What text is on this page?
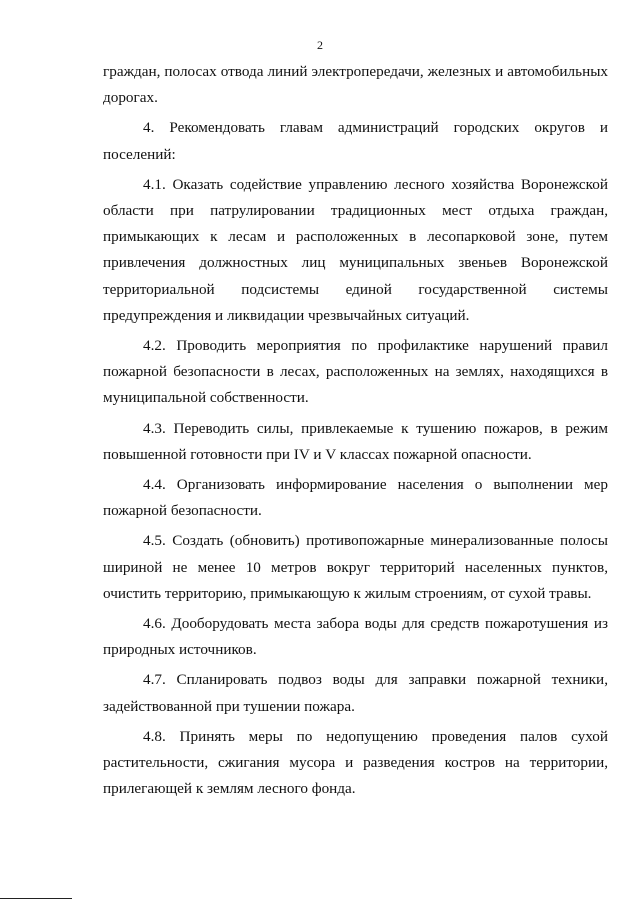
2

граждан, полосах отвода линий электропередачи, железных и автомобильных дорогах.

4. Рекомендовать главам администраций городских округов и поселений:

4.1. Оказать содействие управлению лесного хозяйства Воронежской области при патрулировании традиционных мест отдыха граждан, примыкающих к лесам и расположенных в лесопарковой зоне, путем привлечения должностных лиц муниципальных звеньев Воронежской территориальной подсистемы единой государственной системы предупреждения и ликвидации чрезвычайных ситуаций.

4.2. Проводить мероприятия по профилактике нарушений правил пожарной безопасности в лесах, расположенных на землях, находящихся в муниципальной собственности.

4.3. Переводить силы, привлекаемые к тушению пожаров, в режим повышенной готовности при IV и V классах пожарной опасности.

4.4. Организовать информирование населения о выполнении мер пожарной безопасности.

4.5. Создать (обновить) противопожарные минерализованные полосы шириной не менее 10 метров вокруг территорий населенных пунктов, очистить территорию, примыкающую к жилым строениям, от сухой травы.

4.6. Дооборудовать места забора воды для средств пожаротушения из природных источников.

4.7. Спланировать подвоз воды для заправки пожарной техники, задействованной при тушении пожара.

4.8. Принять меры по недопущению проведения палов сухой растительности, сжигания мусора и разведения костров на территории, прилегающей к землям лесного фонда.
